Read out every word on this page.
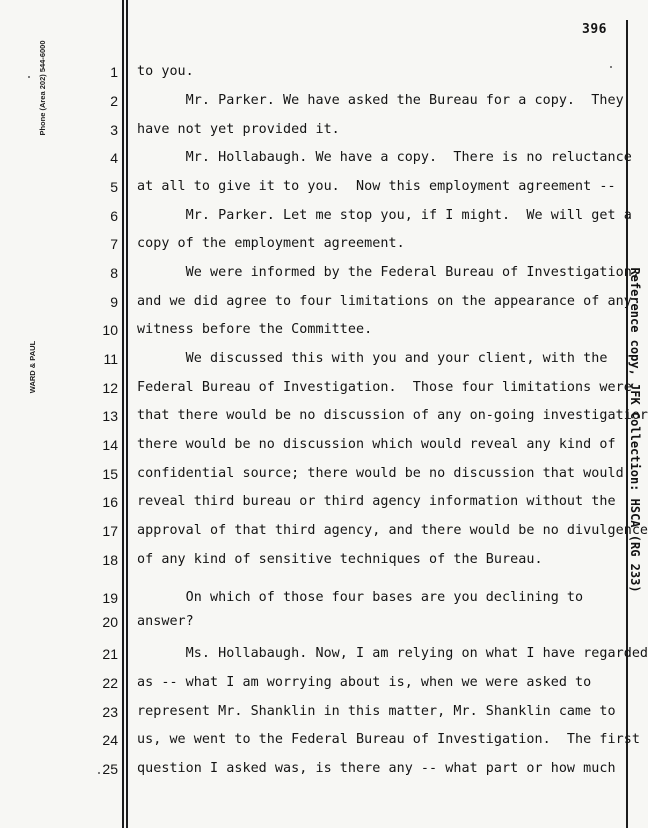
396
Phone (Area 202) 544-6000
WARD & PAUL	Reference copy, JFK Collection: HSCA (RG 233)
1 to you.
2 Mr. Parker. We have asked the Bureau for a copy.  They
3 have not yet provided it.
4 Mr. Hollabaugh. We have a copy.  There is no reluctance
5 at all to give it to you.  Now this employment agreement --
6 Mr. Parker. Let me stop you, if I might.  We will get a
7 copy of the employment agreement.
8 We were informed by the Federal Bureau of Investigation,
9 and we did agree to four limitations on the appearance of any
10 witness before the Committee.
11 We discussed this with you and your client, with the
12 Federal Bureau of Investigation.  Those four limitations were
13 that there would be no discussion of any on-going investigatior
14 there would be no discussion which would reveal any kind of
15 confidential source; there would be no discussion that would
16 reveal third bureau or third agency information without the
17 approval of that third agency, and there would be no divulgence
18 of any kind of sensitive techniques of the Bureau.
19 On which of those four bases are you declining to
20 answer?
21 Ms. Hollabaugh. Now, I am relying on what I have regarded
22 as -- what I am worrying about is, when we were asked to
23 represent Mr. Shanklin in this matter, Mr. Shanklin came to
24 us, we went to the Federal Bureau of Investigation.  The first
25 question I asked was, is there any -- what part or how much
